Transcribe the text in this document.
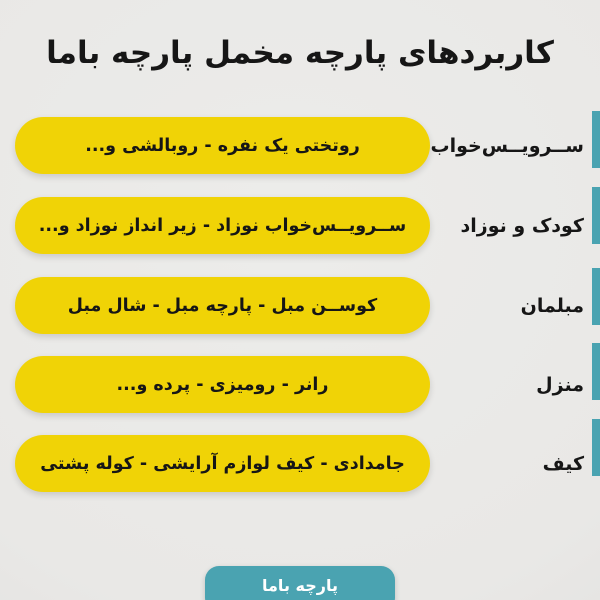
کاربردهای پارچه مخمل پارچه باما
روتختی یک نفره - روبالشی و...	ســرویــس‌خواب
ســرویــس‌خواب نوزاد - زیر انداز نوزاد و...	کودک و نوزاد
کوســن مبل - پارچه مبل - شال مبل	مبلمان
رانر - رومیزی - پرده و...	منزل
جامدادی - کیف لوازم آرایشی - کوله پشتی	کیف
پارچه باما
